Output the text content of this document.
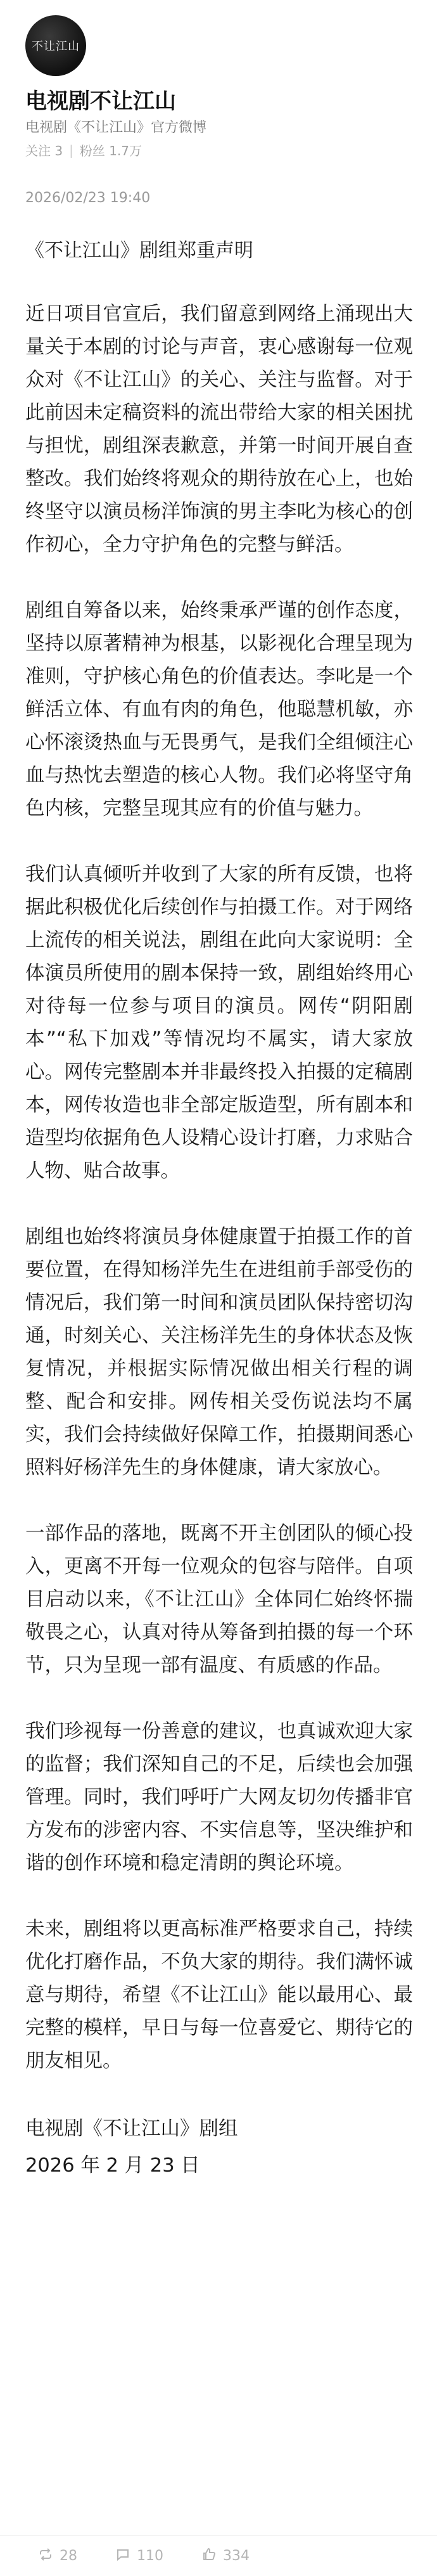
不让江山
电视剧不让江山
电视剧《不让江山》官方微博
关注 3 | 粉丝 1.7万
2026/02/23 19:40
《不让江山》剧组郑重声明

近日项目官宣后，我们留意到网络上涌现出大量关于本剧的讨论与声音，衷心感谢每一位观众对《不让江山》的关心、关注与监督。对于此前因未定稿资料的流出带给大家的相关困扰与担忧，剧组深表歉意，并第一时间开展自查整改。我们始终将观众的期待放在心上，也始终坚守以演员杨洋饰演的男主李叱为核心的创作初心，全力守护角色的完整与鲜活。

剧组自筹备以来，始终秉承严谨的创作态度，坚持以原著精神为根基，以影视化合理呈现为准则，守护核心角色的价值表达。李叱是一个鲜活立体、有血有肉的角色，他聪慧机敏，亦心怀滚烫热血与无畏勇气，是我们全组倾注心血与热忱去塑造的核心人物。我们必将坚守角色内核，完整呈现其应有的价值与魅力。

我们认真倾听并收到了大家的所有反馈，也将据此积极优化后续创作与拍摄工作。对于网络上流传的相关说法，剧组在此向大家说明：全体演员所使用的剧本保持一致，剧组始终用心对待每一位参与项目的演员。网传“阴阳剧本”“私下加戏”等情况均不属实，请大家放心。网传完整剧本并非最终投入拍摄的定稿剧本，网传妆造也非全部定版造型，所有剧本和造型均依据角色人设精心设计打磨，力求贴合人物、贴合故事。

剧组也始终将演员身体健康置于拍摄工作的首要位置，在得知杨洋先生在进组前手部受伤的情况后，我们第一时间和演员团队保持密切沟通，时刻关心、关注杨洋先生的身体状态及恢复情况，并根据实际情况做出相关行程的调整、配合和安排。网传相关受伤说法均不属实，我们会持续做好保障工作，拍摄期间悉心照料好杨洋先生的身体健康，请大家放心。

一部作品的落地，既离不开主创团队的倾心投入，更离不开每一位观众的包容与陪伴。自项目启动以来，《不让江山》全体同仁始终怀揣敬畏之心，认真对待从筹备到拍摄的每一个环节，只为呈现一部有温度、有质感的作品。

我们珍视每一份善意的建议，也真诚欢迎大家的监督；我们深知自己的不足，后续也会加强管理。同时，我们呼吁广大网友切勿传播非官方发布的涉密内容、不实信息等，坚决维护和谐的创作环境和稳定清朗的舆论环境。

未来，剧组将以更高标准严格要求自己，持续优化打磨作品，不负大家的期待。我们满怀诚意与期待，希望《不让江山》能以最用心、最完整的模样，早日与每一位喜爱它、期待它的朋友相见。

电视剧《不让江山》剧组

2026 年 2 月 23 日

28	110	334
